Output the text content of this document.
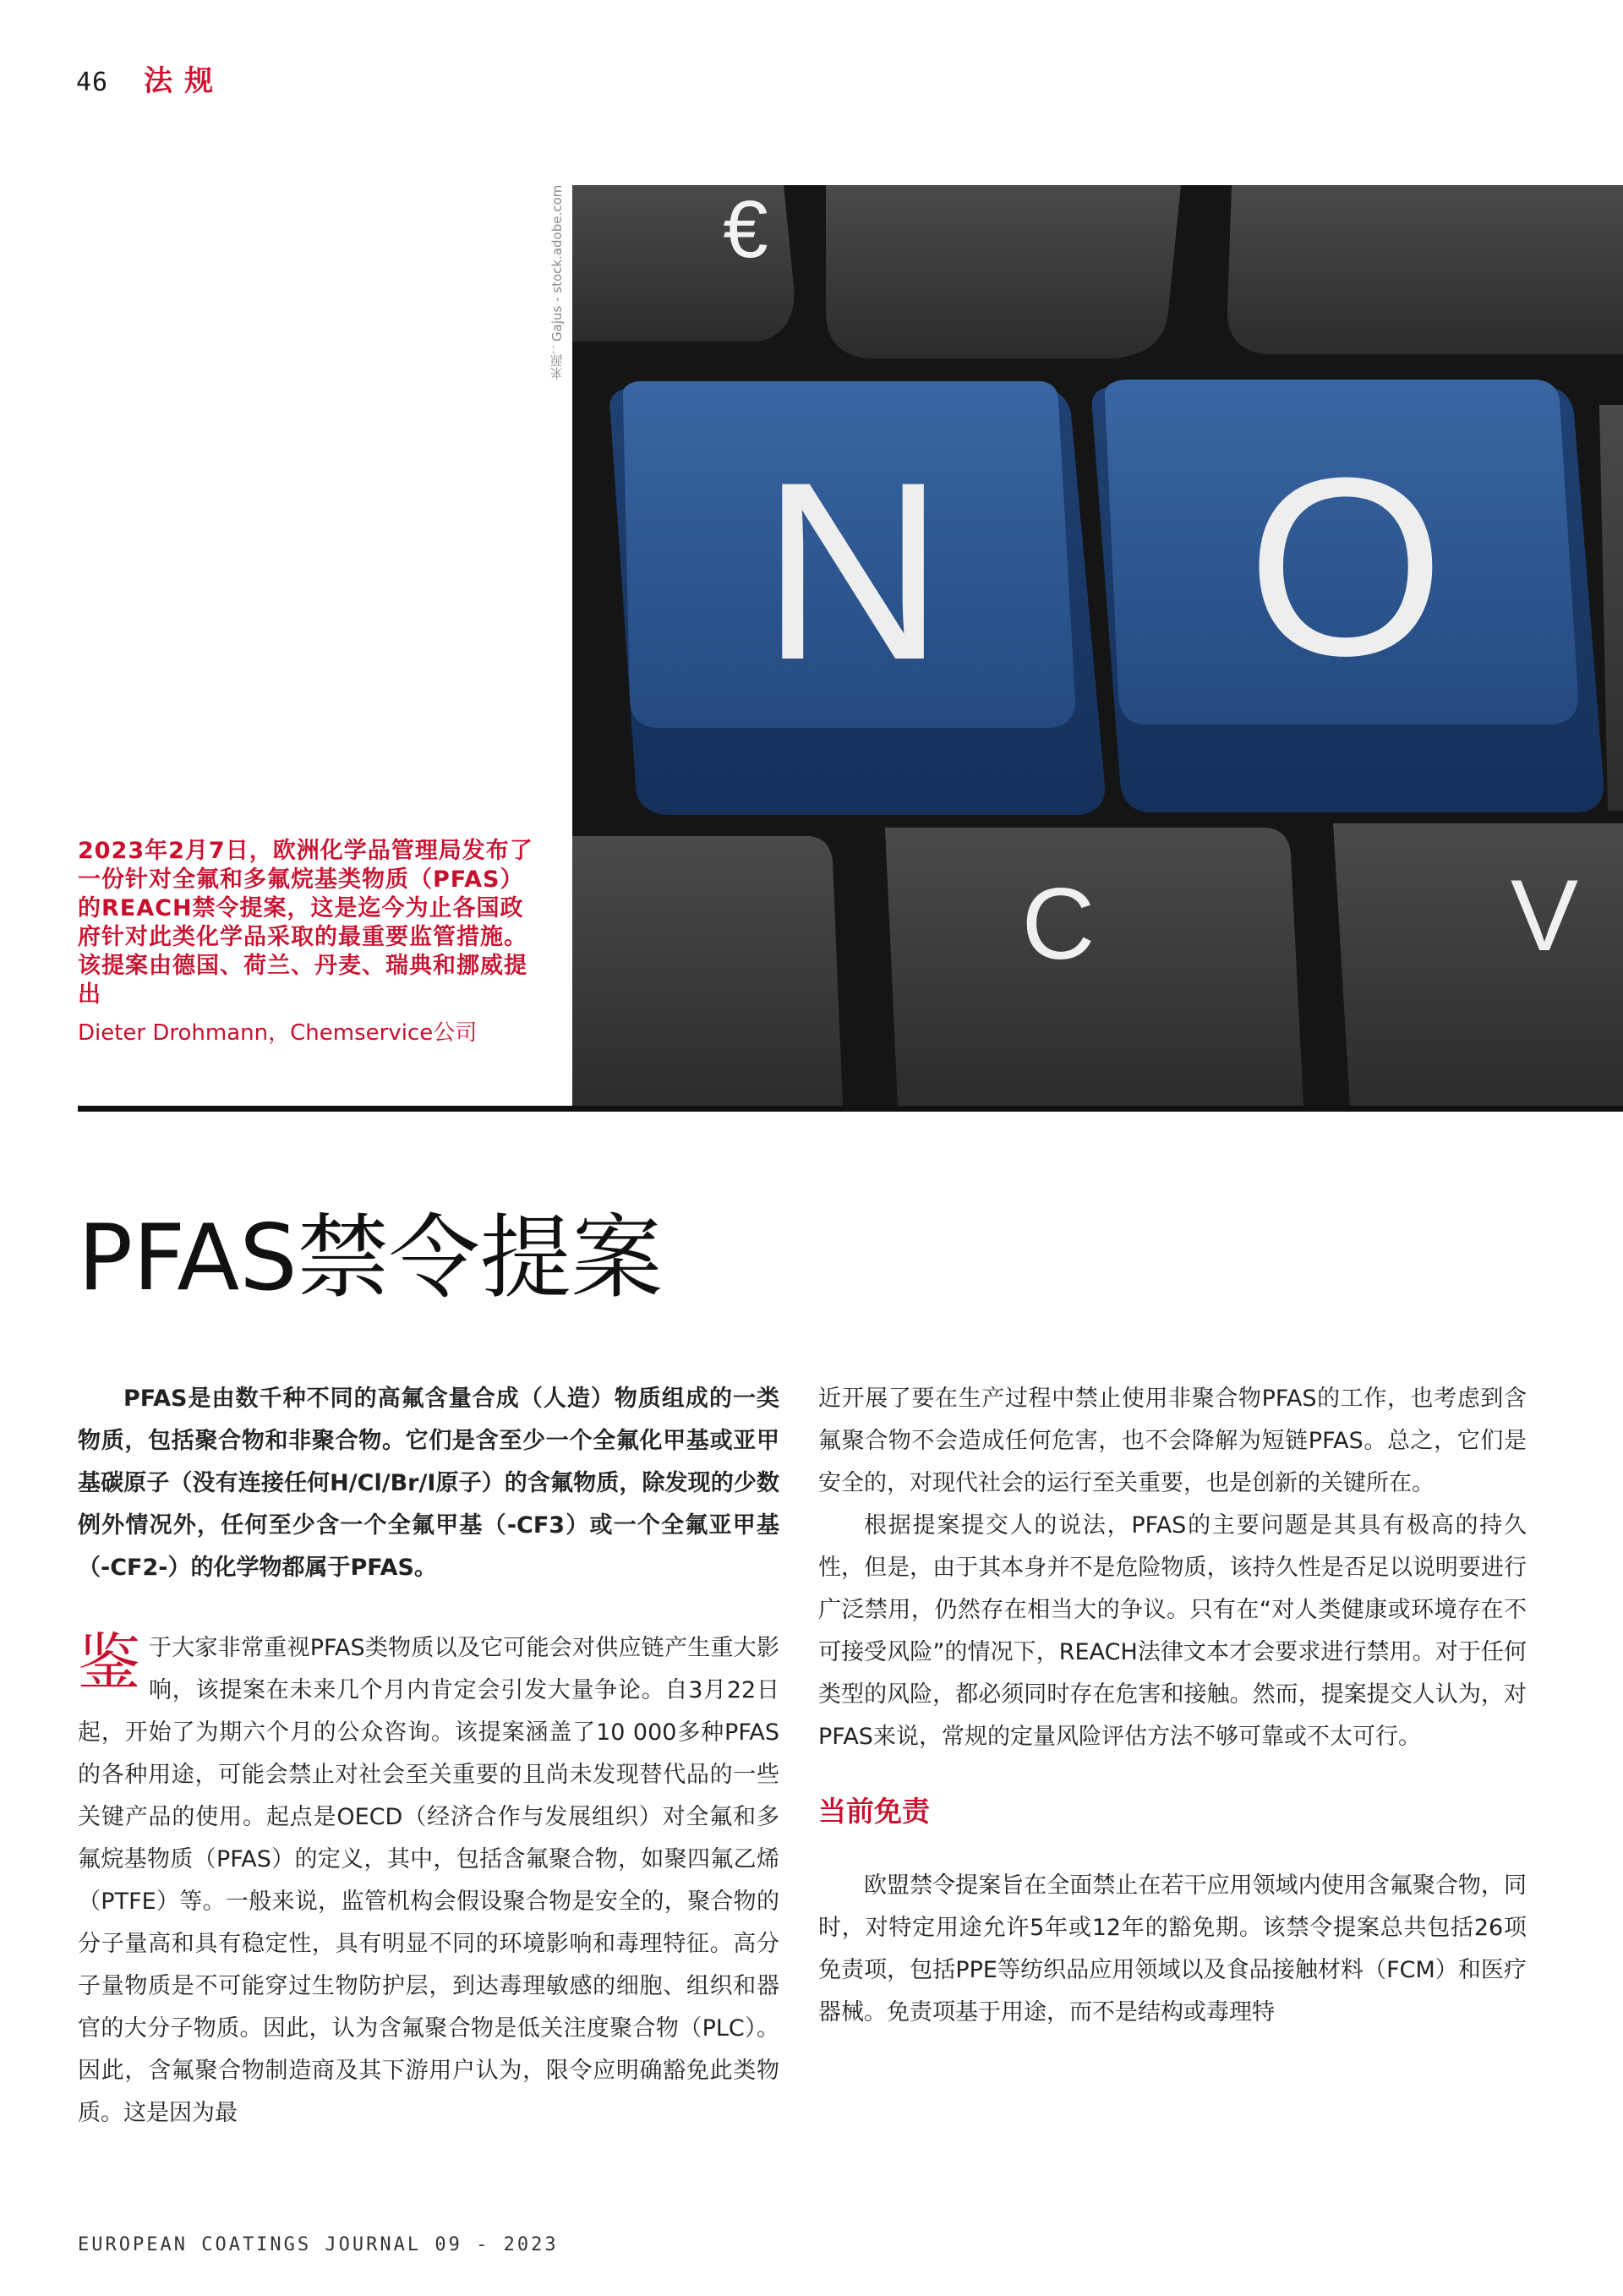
46 法规
来源：Gajus - stock.adobe.com €
N O
C	V

2023年2月7日，欧洲化学品管理局发布了一份针对全氟和多氟烷基类物质（PFAS）的REACH禁令提案，这是迄今为止各国政府针对此类化学品采取的最重要监管措施。该提案由德国、荷兰、丹麦、瑞典和挪威提出

Dieter Drohmann，Chemservice公司

PFAS禁令提案

PFAS是由数千种不同的高氟含量合成（人造）物质组成的一类物质，包括聚合物和非聚合物。它们是含至少一个全氟化甲基或亚甲基碳原子（没有连接任何H/Cl/Br/I原子）的含氟物质，除发现的少数例外情况外，任何至少含一个全氟甲基（-CF3）或一个全氟亚甲基（-CF2-）的化学物都属于PFAS。

鉴于大家非常重视PFAS类物质以及它可能会对供应链产生重大影响，该提案在未来几个月内肯定会引发大量争论。自3月22日起，开始了为期六个月的公众咨询。该提案涵盖了10 000多种PFAS的各种用途，可能会禁止对社会至关重要的且尚未发现替代品的一些关键产品的使用。起点是OECD（经济合作与发展组织）对全氟和多氟烷基物质（PFAS）的定义，其中，包括含氟聚合物，如聚四氟乙烯（PTFE）等。一般来说，监管机构会假设聚合物是安全的，聚合物的分子量高和具有稳定性，具有明显不同的环境影响和毒理特征。高分子量物质是不可能穿过生物防护层，到达毒理敏感的细胞、组织和器官的大分子物质。因此，认为含氟聚合物是低关注度聚合物（PLC）。因此，含氟聚合物制造商及其下游用户认为，限令应明确豁免此类物质。这是因为最

近开展了要在生产过程中禁止使用非聚合物PFAS的工作，也考虑到含氟聚合物不会造成任何危害，也不会降解为短链PFAS。总之，它们是安全的，对现代社会的运行至关重要，也是创新的关键所在。

根据提案提交人的说法，PFAS的主要问题是其具有极高的持久性，但是，由于其本身并不是危险物质，该持久性是否足以说明要进行广泛禁用，仍然存在相当大的争议。只有在“对人类健康或环境存在不可接受风险”的情况下，REACH法律文本才会要求进行禁用。对于任何类型的风险，都必须同时存在危害和接触。然而，提案提交人认为，对PFAS来说，常规的定量风险评估方法不够可靠或不太可行。

当前免责

欧盟禁令提案旨在全面禁止在若干应用领域内使用含氟聚合物，同时，对特定用途允许5年或12年的豁免期。该禁令提案总共包括26项免责项，包括PPE等纺织品应用领域以及食品接触材料（FCM）和医疗器械。免责项基于用途，而不是结构或毒理特

EUROPEAN COATINGS JOURNAL 09 - 2023
